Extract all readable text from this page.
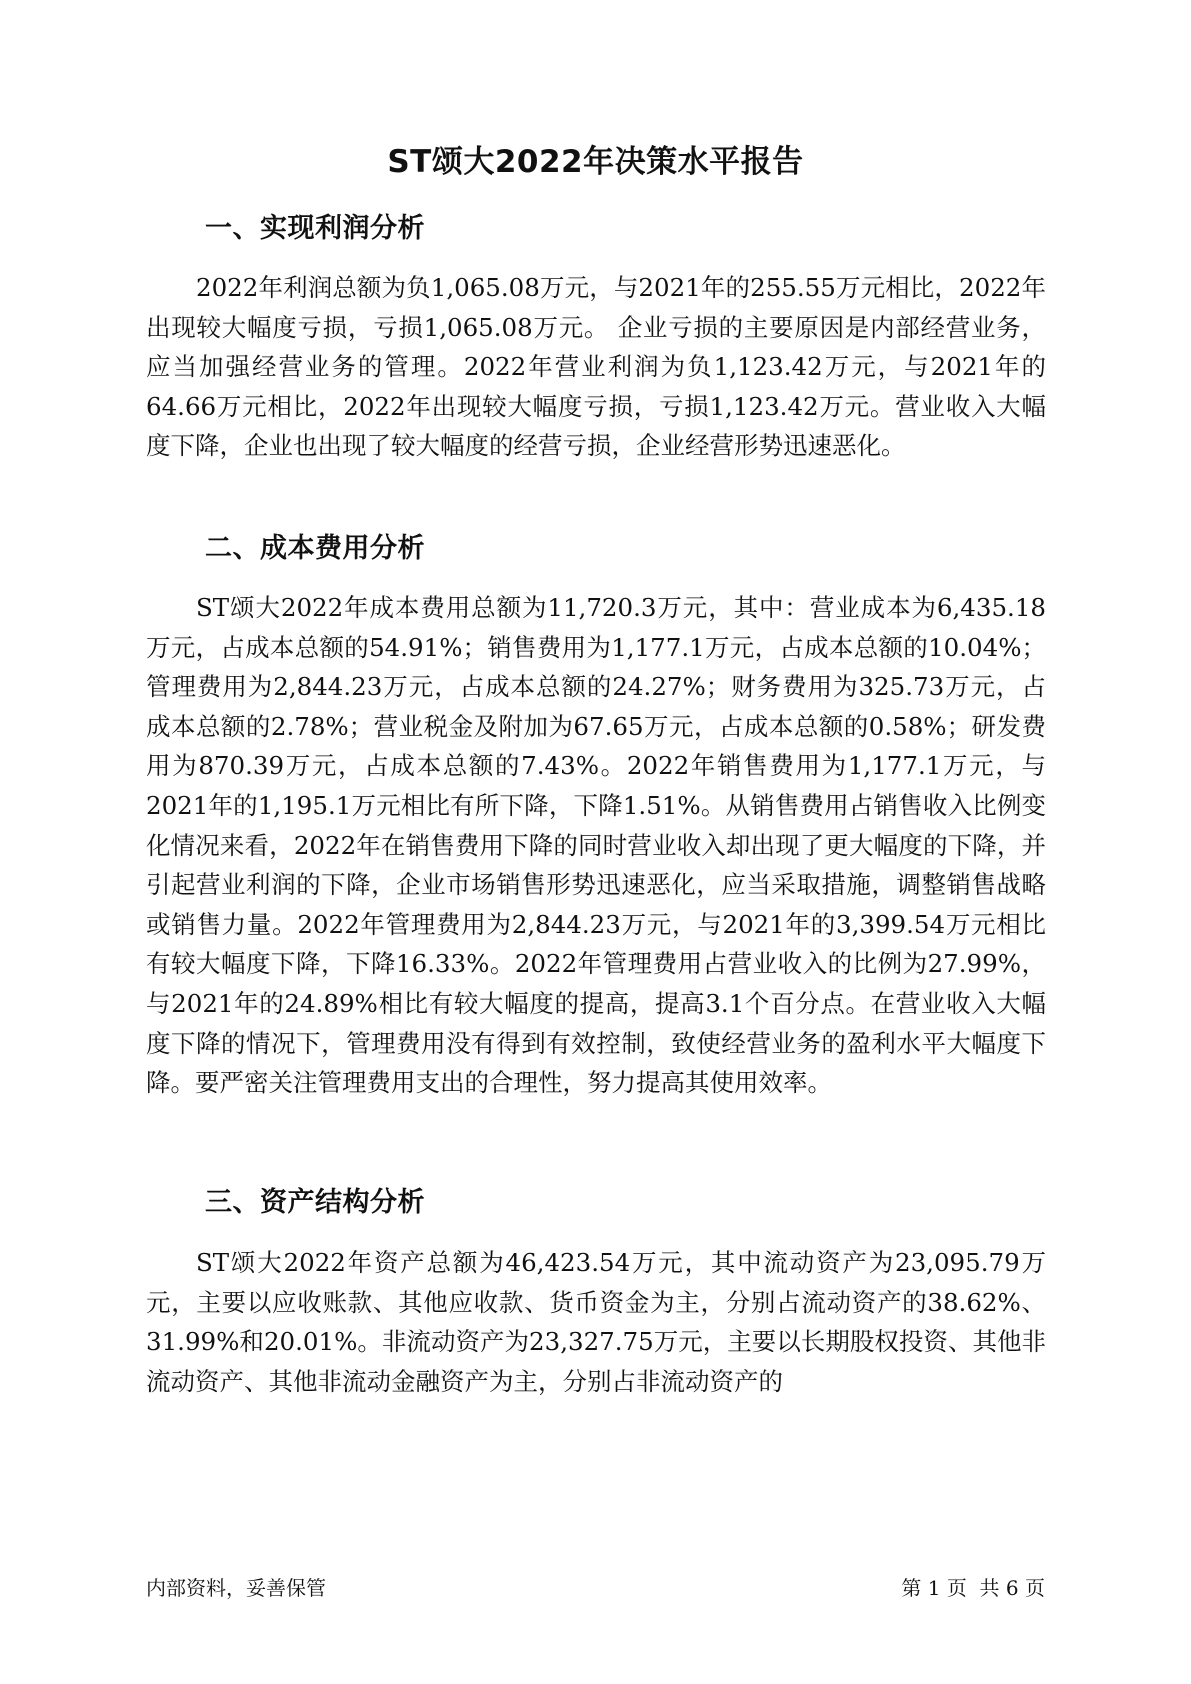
ST颂大2022年决策水平报告
一、实现利润分析

2022年利润总额为负1,065.08万元，与2021年的255.55万元相比，2022年出现较大幅度亏损，亏损1,065.08万元。 企业亏损的主要原因是内部经营业务，应当加强经营业务的管理。2022年营业利润为负1,123.42万元，与2021年的64.66万元相比，2022年出现较大幅度亏损，亏损1,123.42万元。营业收入大幅度下降，企业也出现了较大幅度的经营亏损，企业经营形势迅速恶化。

二、成本费用分析

ST颂大2022年成本费用总额为11,720.3万元，其中：营业成本为6,435.18万元，占成本总额的54.91%；销售费用为1,177.1万元，占成本总额的10.04%；管理费用为2,844.23万元，占成本总额的24.27%；财务费用为325.73万元，占成本总额的2.78%；营业税金及附加为67.65万元，占成本总额的0.58%；研发费用为870.39万元，占成本总额的7.43%。2022年销售费用为1,177.1万元，与2021年的1,195.1万元相比有所下降，下降1.51%。从销售费用占销售收入比例变化情况来看，2022年在销售费用下降的同时营业收入却出现了更大幅度的下降，并引起营业利润的下降，企业市场销售形势迅速恶化，应当采取措施，调整销售战略或销售力量。2022年管理费用为2,844.23万元，与2021年的3,399.54万元相比有较大幅度下降，下降16.33%。2022年管理费用占营业收入的比例为27.99%，与2021年的24.89%相比有较大幅度的提高，提高3.1个百分点。在营业收入大幅度下降的情况下，管理费用没有得到有效控制，致使经营业务的盈利水平大幅度下降。要严密关注管理费用支出的合理性，努力提高其使用效率。

三、资产结构分析

ST颂大2022年资产总额为46,423.54万元，其中流动资产为23,095.79万元，主要以应收账款、其他应收款、货币资金为主，分别占流动资产的38.62%、31.99%和20.01%。非流动资产为23,327.75万元，主要以长期股权投资、其他非流动资产、其他非流动金融资产为主，分别占非流动资产的

内部资料，妥善保管	第 1 页  共 6 页
